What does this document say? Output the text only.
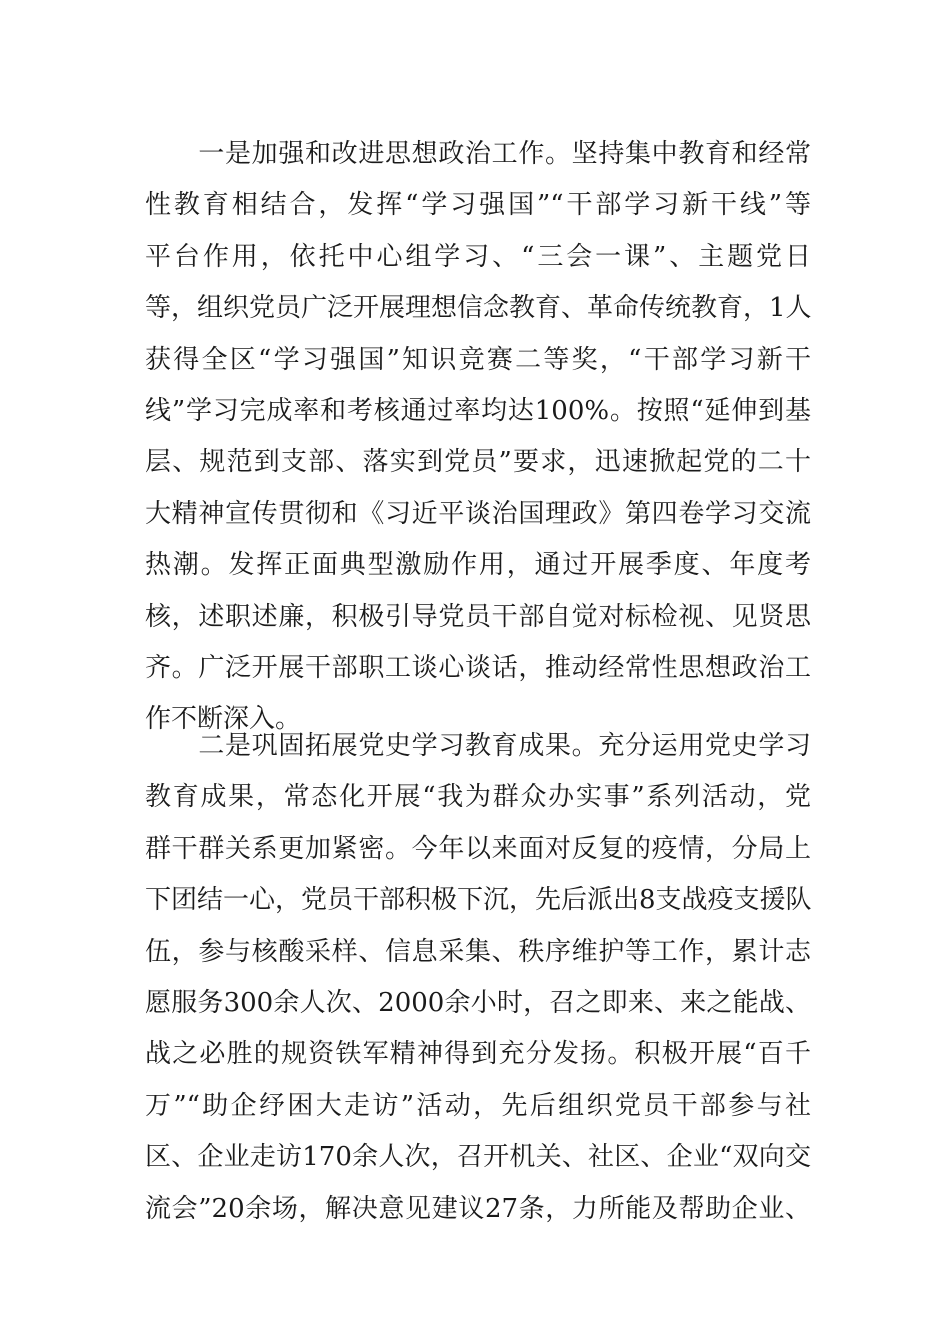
　　一是加强和改进思想政治工作。坚持集中教育和经常
性教育相结合，发挥“学习强国”“干部学习新干线”等
平台作用，依托中心组学习、“三会一课”、主题党日
等，组织党员广泛开展理想信念教育、革命传统教育，1人
获得全区“学习强国”知识竞赛二等奖，“干部学习新干
线”学习完成率和考核通过率均达100%。按照“延伸到基
层、规范到支部、落实到党员”要求，迅速掀起党的二十
大精神宣传贯彻和《习近平谈治国理政》第四卷学习交流
热潮。发挥正面典型激励作用，通过开展季度、年度考
核，述职述廉，积极引导党员干部自觉对标检视、见贤思
齐。广泛开展干部职工谈心谈话，推动经常性思想政治工
作不断深入。
　　二是巩固拓展党史学习教育成果。充分运用党史学习
教育成果，常态化开展“我为群众办实事”系列活动，党
群干群关系更加紧密。今年以来面对反复的疫情，分局上
下团结一心，党员干部积极下沉，先后派出8支战疫支援队
伍，参与核酸采样、信息采集、秩序维护等工作，累计志
愿服务300余人次、2000余小时，召之即来、来之能战、
战之必胜的规资铁军精神得到充分发扬。积极开展“百千
万”“助企纾困大走访”活动，先后组织党员干部参与社
区、企业走访170余人次，召开机关、社区、企业“双向交
流会”20余场，解决意见建议27条，力所能及帮助企业、
